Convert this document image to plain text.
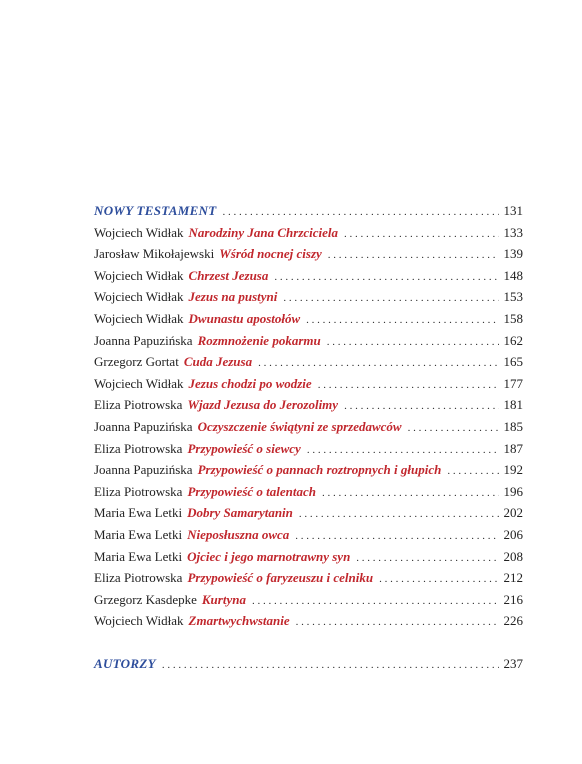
NOWY TESTAMENT . . .	131
Wojciech Widłak Narodziny Jana Chrzciciela . . .	133
Jarosław Mikołajewski Wśród nocnej ciszy . . .	139
Wojciech Widłak Chrzest Jezusa . . .	148
Wojciech Widłak Jezus na pustyni . . .	153
Wojciech Widłak Dwunastu apostołów . . .	158
Joanna Papuzińska Rozmnożenie pokarmu . . .	162
Grzegorz Gortat Cuda Jezusa . . .	165
Wojciech Widłak Jezus chodzi po wodzie . . .	177
Eliza Piotrowska Wjazd Jezusa do Jerozolimy . . .	181
Joanna Papuzińska Oczyszczenie świątyni ze sprzedawców . . .	185
Eliza Piotrowska Przypowieść o siewcy . . .	187
Joanna Papuzińska Przypowieść o pannach roztropnych i głupich . . .	192
Eliza Piotrowska Przypowieść o talentach . . .	196
Maria Ewa Letki Dobry Samarytanin . . .	202
Maria Ewa Letki Nieposłuszna owca . . .	206
Maria Ewa Letki Ojciec i jego marnotrawny syn . . .	208
Eliza Piotrowska Przypowieść o faryzeuszu i celniku . . .	212
Grzegorz Kasdepke Kurtyna . . .	216
Wojciech Widłak Zmartwychwstanie . . .	226
AUTORZY . . .	237
